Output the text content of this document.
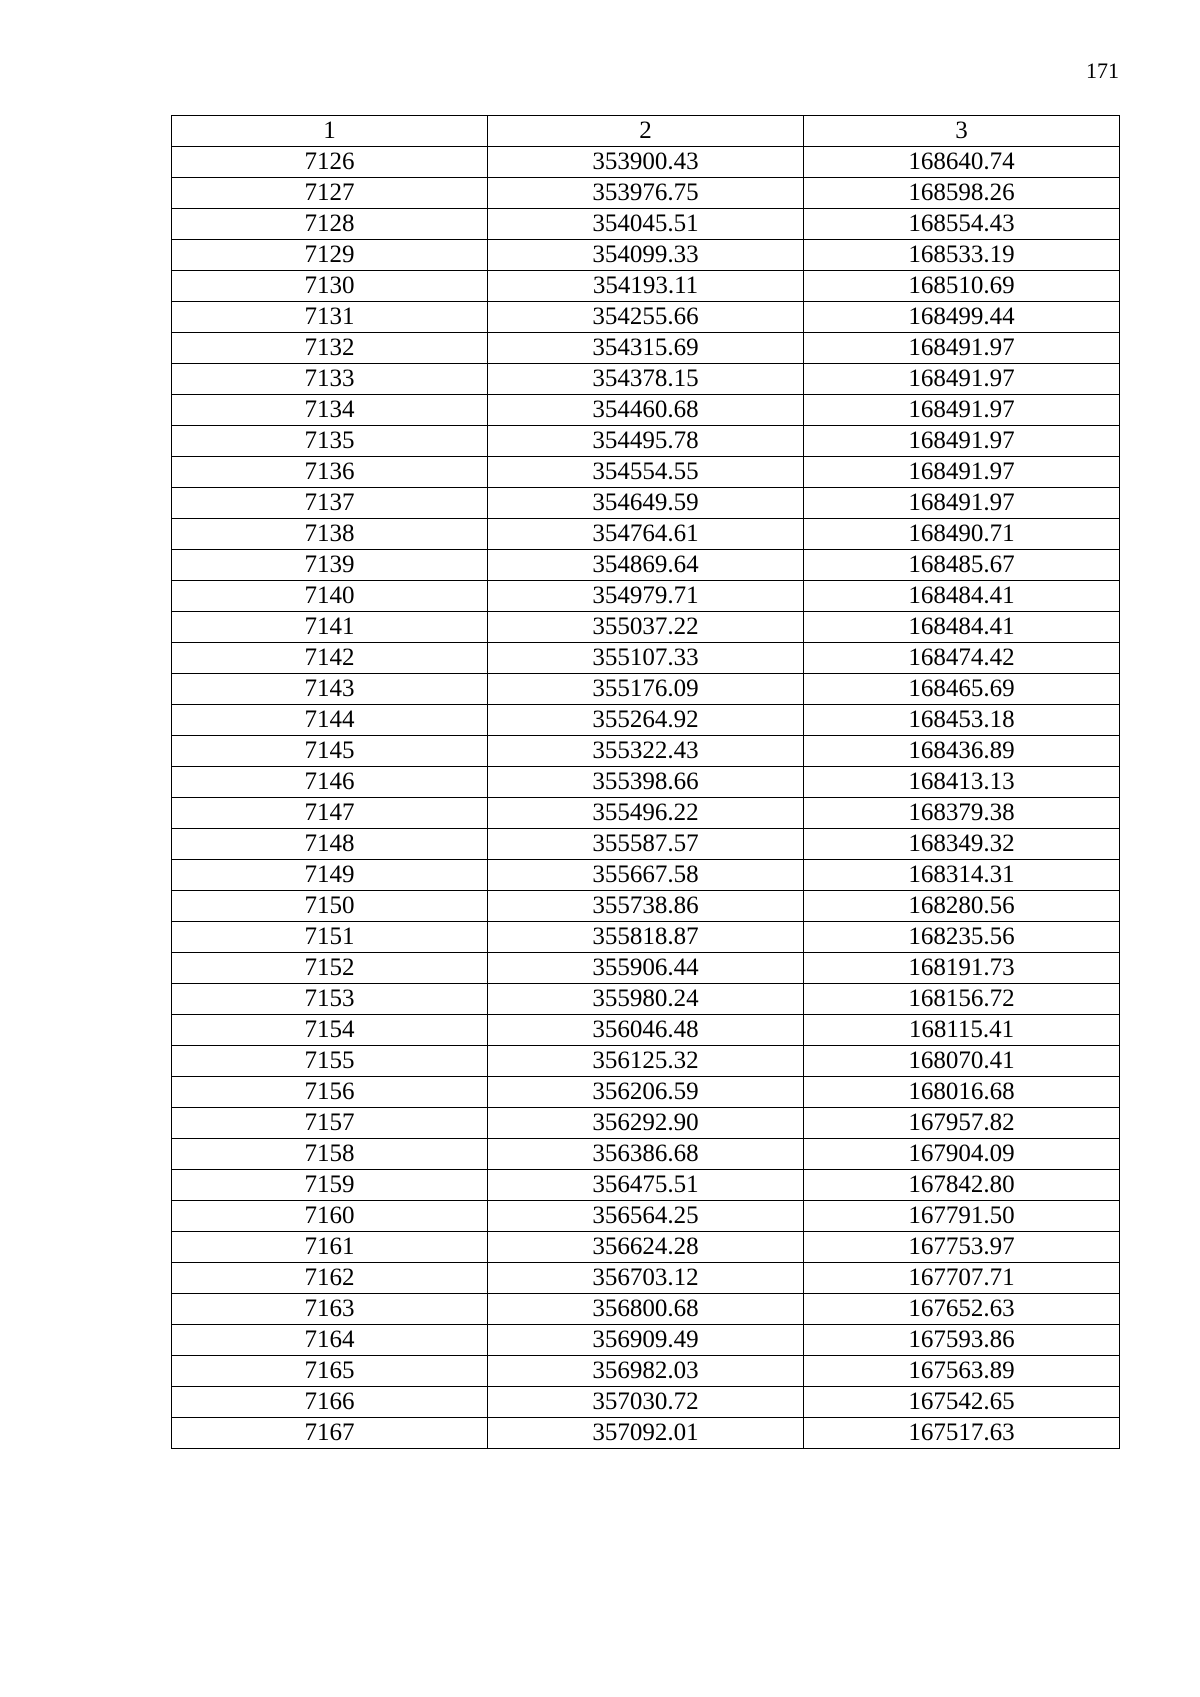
171
1	2	3
7126	353900.43	168640.74
7127	353976.75	168598.26
7128	354045.51	168554.43
7129	354099.33	168533.19
7130	354193.11	168510.69
7131	354255.66	168499.44
7132	354315.69	168491.97
7133	354378.15	168491.97
7134	354460.68	168491.97
7135	354495.78	168491.97
7136	354554.55	168491.97
7137	354649.59	168491.97
7138	354764.61	168490.71
7139	354869.64	168485.67
7140	354979.71	168484.41
7141	355037.22	168484.41
7142	355107.33	168474.42
7143	355176.09	168465.69
7144	355264.92	168453.18
7145	355322.43	168436.89
7146	355398.66	168413.13
7147	355496.22	168379.38
7148	355587.57	168349.32
7149	355667.58	168314.31
7150	355738.86	168280.56
7151	355818.87	168235.56
7152	355906.44	168191.73
7153	355980.24	168156.72
7154	356046.48	168115.41
7155	356125.32	168070.41
7156	356206.59	168016.68
7157	356292.90	167957.82
7158	356386.68	167904.09
7159	356475.51	167842.80
7160	356564.25	167791.50
7161	356624.28	167753.97
7162	356703.12	167707.71
7163	356800.68	167652.63
7164	356909.49	167593.86
7165	356982.03	167563.89
7166	357030.72	167542.65
7167	357092.01	167517.63
